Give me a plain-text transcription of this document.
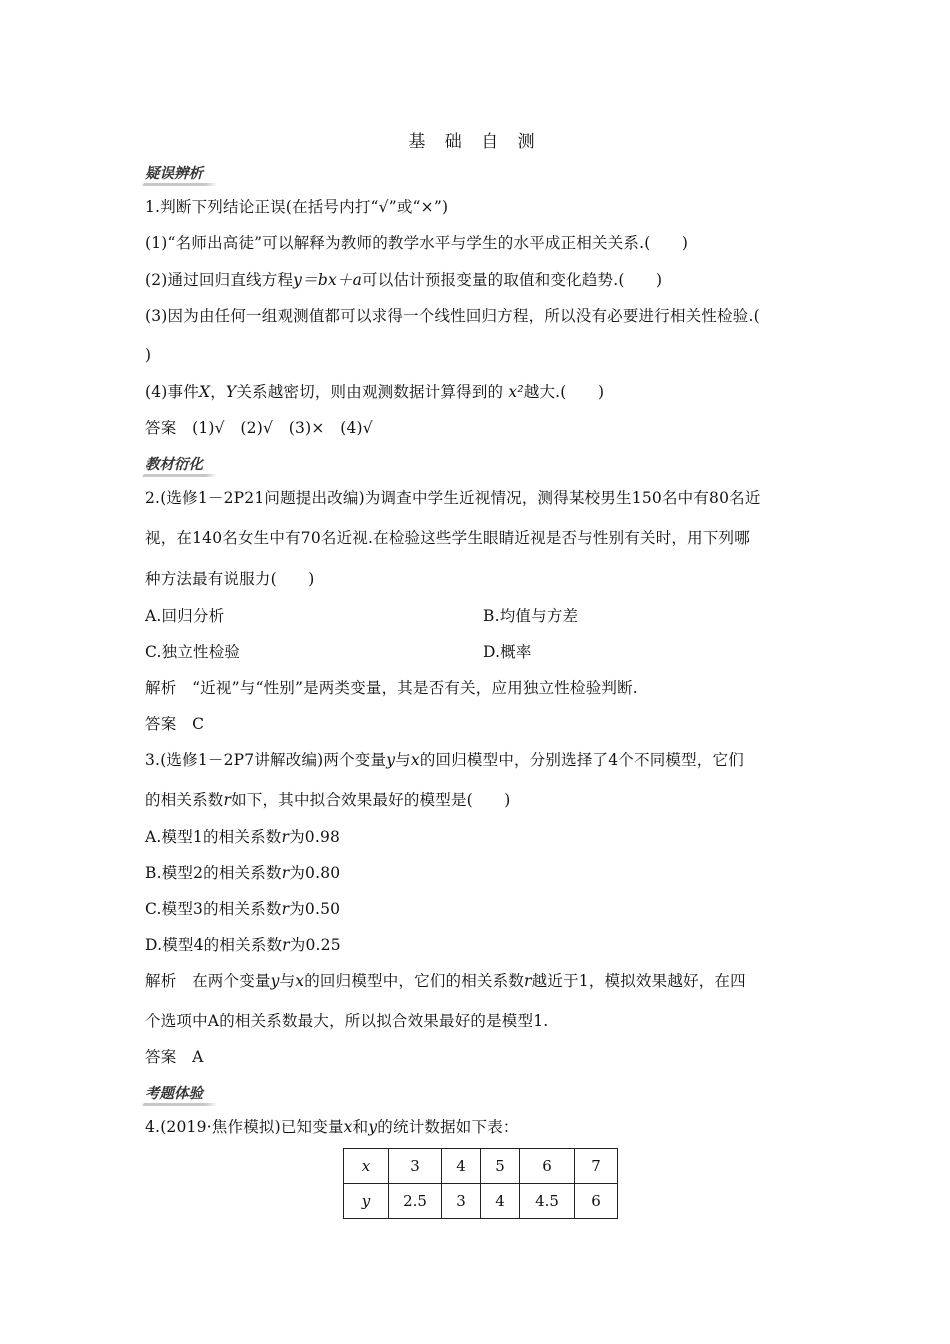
基 础 自 测
疑误辨析
1.判断下列结论正误(在括号内打“√”或“×”)
(1)“名师出高徒”可以解释为教师的教学水平与学生的水平成正相关关系.(　　)
(2)通过回归直线方程y＝bx＋a可以估计预报变量的取值和变化趋势.(　　)
(3)因为由任何一组观测值都可以求得一个线性回归方程，所以没有必要进行相关性检验.(
)
(4)事件X，Y关系越密切，则由观测数据计算得到的 x²越大.(　　)
答案　(1)√　(2)√　(3)×　(4)√
教材衍化
2.(选修1－2P21问题提出改编)为调查中学生近视情况，测得某校男生150名中有80名近
视，在140名女生中有70名近视.在检验这些学生眼睛近视是否与性别有关时，用下列哪
种方法最有说服力(　　)
A.回归分析	B.均值与方差
C.独立性检验	D.概率
解析　“近视”与“性别”是两类变量，其是否有关，应用独立性检验判断.
答案　C
3.(选修1－2P7讲解改编)两个变量y与x的回归模型中，分别选择了4个不同模型，它们
的相关系数r如下，其中拟合效果最好的模型是(　　)
A.模型1的相关系数r为0.98
B.模型2的相关系数r为0.80
C.模型3的相关系数r为0.50
D.模型4的相关系数r为0.25
解析　在两个变量y与x的回归模型中，它们的相关系数r越近于1，模拟效果越好，在四
个选项中A的相关系数最大，所以拟合效果最好的是模型1.
答案　A
考题体验
4.(2019·焦作模拟)已知变量x和y的统计数据如下表：
x	3	4	5	6	7
y	2.5	3	4	4.5	6
